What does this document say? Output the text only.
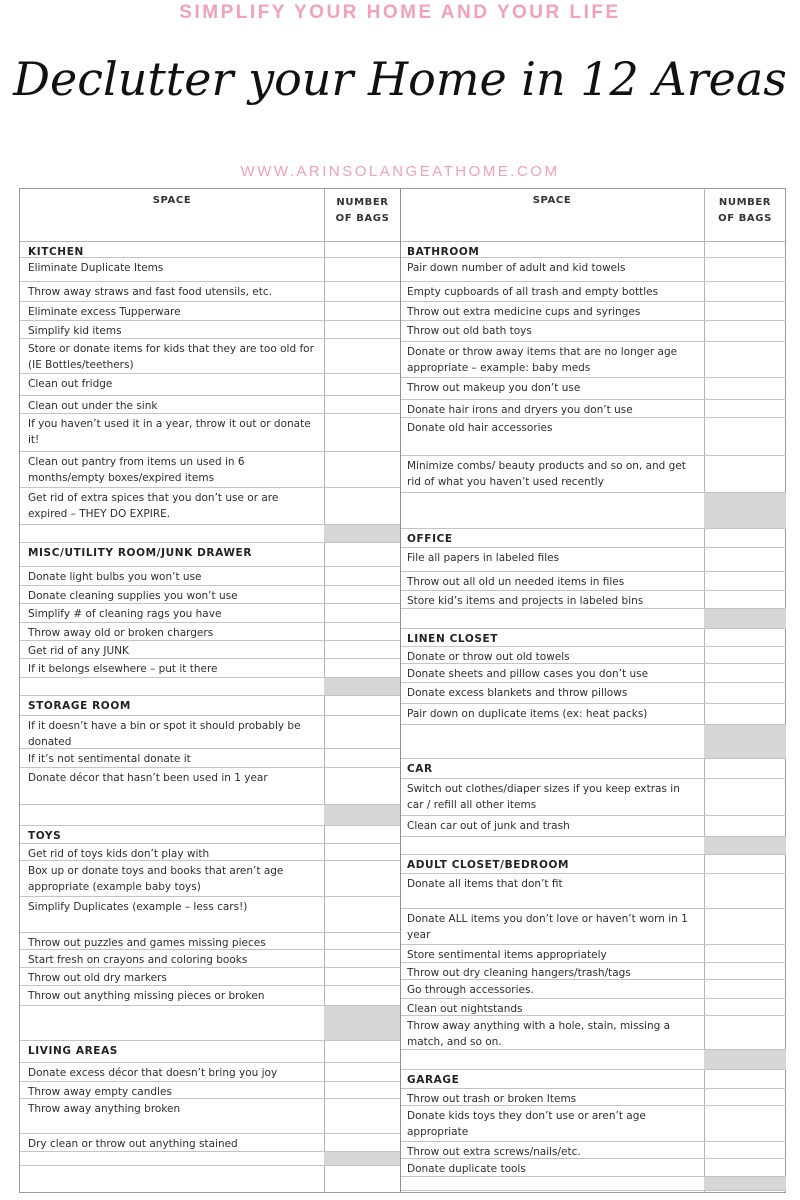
SIMPLIFY YOUR HOME AND YOUR LIFE
Declutter your Home in 12 Areas
WWW.ARINSOLANGEATHOME.COM
SPACE	NUMBER
OF BAGS
KITCHEN
Eliminate Duplicate Items
Throw away straws and fast food utensils, etc.
Eliminate excess Tupperware
Simplify kid items
Store or donate items for kids that they are too old for (IE Bottles/teethers)
Clean out fridge
Clean out under the sink
If you haven’t used it in a year, throw it out or donate it!
Clean out pantry from items un used in 6 months/empty boxes/expired items
Get rid of extra spices that you don’t use or are expired – THEY DO EXPIRE.
MISC/UTILITY ROOM/JUNK DRAWER
Donate light bulbs you won’t use
Donate cleaning supplies you won’t use
Simplify # of cleaning rags you have
Throw away old or broken chargers
Get rid of any JUNK
If it belongs elsewhere – put it there
STORAGE ROOM
If it doesn’t have a bin or spot it should probably be donated
If it’s not sentimental donate it
Donate décor that hasn’t been used in 1 year
TOYS
Get rid of toys kids don’t play with
Box up or donate toys and books that aren’t age appropriate (example baby toys)
Simplify Duplicates (example – less cars!)
Throw out puzzles and games missing pieces
Start fresh on crayons and coloring books
Throw out old dry markers
Throw out anything missing pieces or broken
LIVING AREAS
Donate excess décor that doesn’t bring you joy
Throw away empty candles
Throw away anything broken
Dry clean or throw out anything stained
SPACE	NUMBER
OF BAGS
BATHROOM
Pair down number of adult and kid towels
Empty cupboards of all trash and empty bottles
Throw out extra medicine cups and syringes
Throw out old bath toys
Donate or throw away items that are no longer age appropriate – example: baby meds
Throw out makeup you don’t use
Donate hair irons and dryers you don’t use
Donate old hair accessories
Minimize combs/ beauty products and so on, and get rid of what you haven’t used recently
OFFICE
File all papers in labeled files
Throw out all old un needed items in files
Store kid’s items and projects in labeled bins
LINEN CLOSET
Donate or throw out old towels
Donate sheets and pillow cases you don’t use
Donate excess blankets and throw pillows
Pair down on duplicate items (ex: heat packs)
CAR
Switch out clothes/diaper sizes if you keep extras in car / refill all other items
Clean car out of junk and trash
ADULT CLOSET/BEDROOM
Donate all items that don’t fit
Donate ALL items you don’t love or haven’t worn in 1 year
Store sentimental items appropriately
Throw out dry cleaning hangers/trash/tags
Go through accessories.
Clean out nightstands
Throw away anything with a hole, stain, missing a match, and so on.
GARAGE
Throw out trash or broken Items
Donate kids toys they don’t use or aren’t age appropriate
Throw out extra screws/nails/etc.
Donate duplicate tools
